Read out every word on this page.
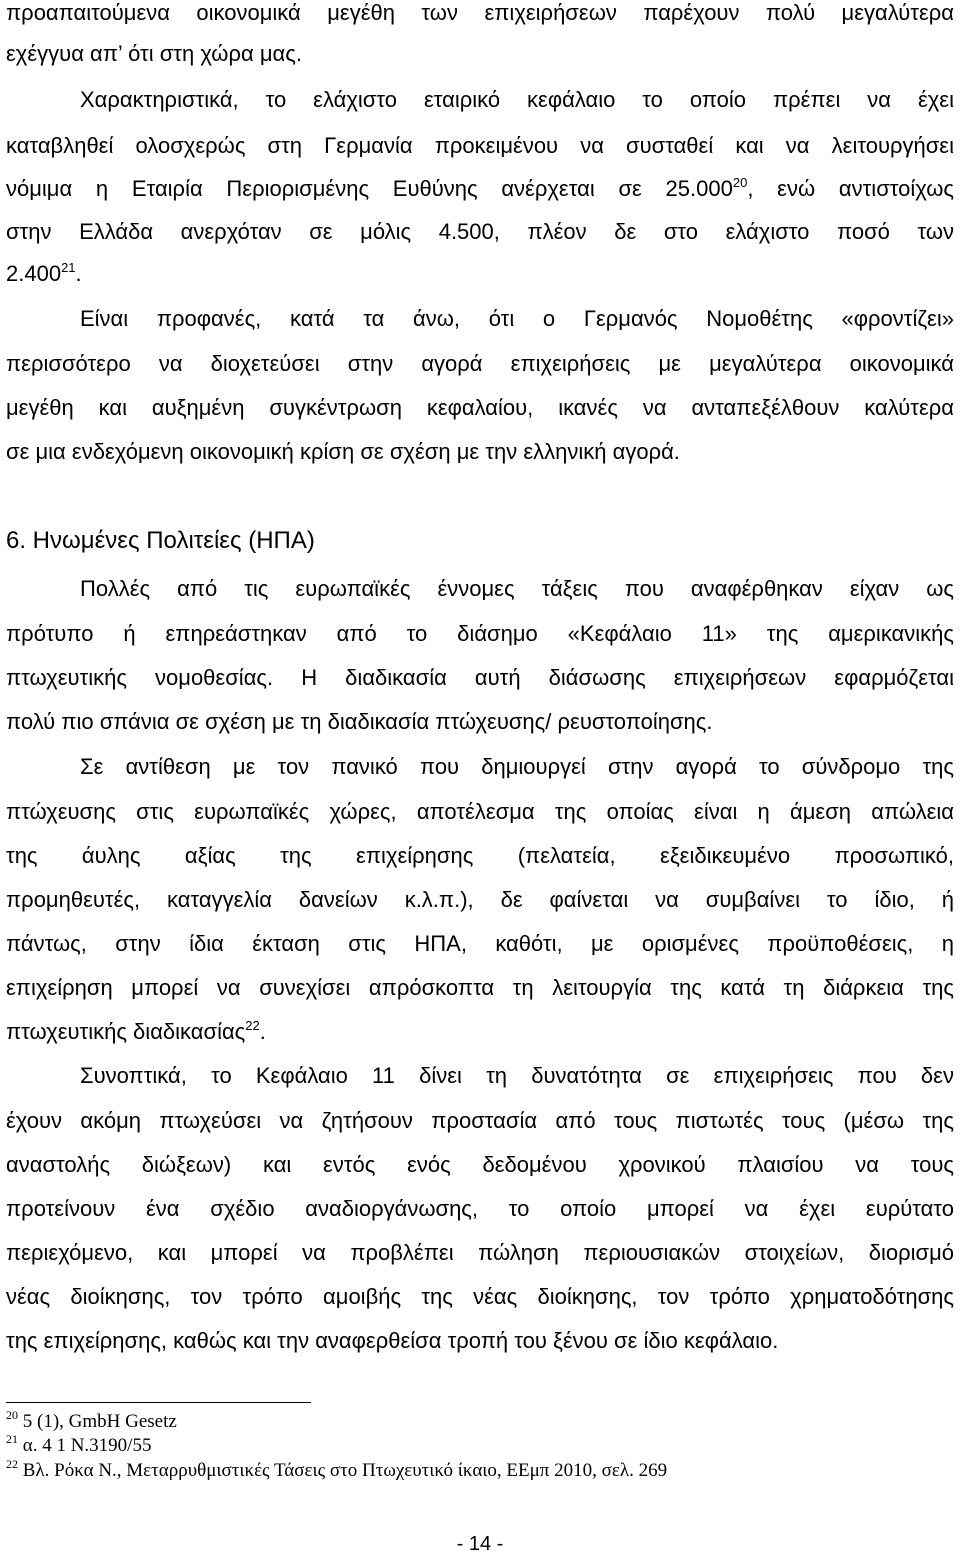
προαπαιτούμενα οικονομικά μεγέθη των επιχειρήσεων παρέχουν πολύ μεγαλύτερα
εχέγγυα απ’ ότι στη χώρα μας.
Χαρακτηριστικά, το ελάχιστο εταιρικό κεφάλαιο το οποίο πρέπει να έχει
καταβληθεί ολοσχερώς στη Γερμανία προκειμένου να συσταθεί και να λειτουργήσει
νόμιμα η Εταιρία Περιορισμένης Ευθύνης ανέρχεται σε 25.000$^{20}$, ενώ αντιστοίχως
στην Ελλάδα ανερχόταν σε μόλις 4.500, πλέον δε στο ελάχιστο ποσό των
2.400$^{21}$.
Είναι προφανές, κατά τα άνω, ότι ο Γερμανός Νομοθέτης «φροντίζει»
περισσότερο να διοχετεύσει στην αγορά επιχειρήσεις με μεγαλύτερα οικονομικά
μεγέθη και αυξημένη συγκέντρωση κεφαλαίου, ικανές να ανταπεξέλθουν καλύτερα
σε μια ενδεχόμενη οικονομική κρίση σε σχέση με την ελληνική αγορά.
6. Ηνωμένες Πολιτείες (ΗΠΑ)
Πολλές από τις ευρωπαϊκές έννομες τάξεις που αναφέρθηκαν είχαν ως
πρότυπο ή επηρεάστηκαν από το διάσημο «Κεφάλαιο 11» της αμερικανικής
πτωχευτικής νομοθεσίας. Η διαδικασία αυτή διάσωσης επιχειρήσεων εφαρμόζεται
πολύ πιο σπάνια σε σχέση με τη διαδικασία πτώχευσης/ ρευστοποίησης.
Σε αντίθεση με τον πανικό που δημιουργεί στην αγορά το σύνδρομο της
πτώχευσης στις ευρωπαϊκές χώρες, αποτέλεσμα της οποίας είναι η άμεση απώλεια
της άυλης αξίας της επιχείρησης (πελατεία, εξειδικευμένο προσωπικό,
προμηθευτές, καταγγελία δανείων κ.λ.π.), δε φαίνεται να συμβαίνει το ίδιο, ή
πάντως, στην ίδια έκταση στις ΗΠΑ, καθότι, με ορισμένες προϋποθέσεις, η
επιχείρηση μπορεί να συνεχίσει απρόσκοπτα τη λειτουργία της κατά τη διάρκεια της
πτωχευτικής διαδικασίας$^{22}$.
Συνοπτικά, το Κεφάλαιο 11 δίνει τη δυνατότητα σε επιχειρήσεις που δεν
έχουν ακόμη πτωχεύσει να ζητήσουν προστασία από τους πιστωτές τους (μέσω της
αναστολής διώξεων) και εντός ενός δεδομένου χρονικού πλαισίου να τους
προτείνουν ένα σχέδιο αναδιοργάνωσης, το οποίο μπορεί να έχει ευρύτατο
περιεχόμενο, και μπορεί να προβλέπει πώληση περιουσιακών στοιχείων, διορισμό
νέας διοίκησης, τον τρόπο αμοιβής της νέας διοίκησης, τον τρόπο χρηματοδότησης
της επιχείρησης, καθώς και την αναφερθείσα τροπή του ξένου σε ίδιο κεφάλαιο.
$^{20}$ 5 (1), GmbH Gesetz
$^{21}$ α. 4 1 Ν.3190/55
$^{22}$ Βλ. Ρόκα Ν., Μεταρρυθμιστικές Τάσεις στο Πτωχευτικό ίκαιο, ΕΕμπ 2010, σελ. 269
- 14 -
